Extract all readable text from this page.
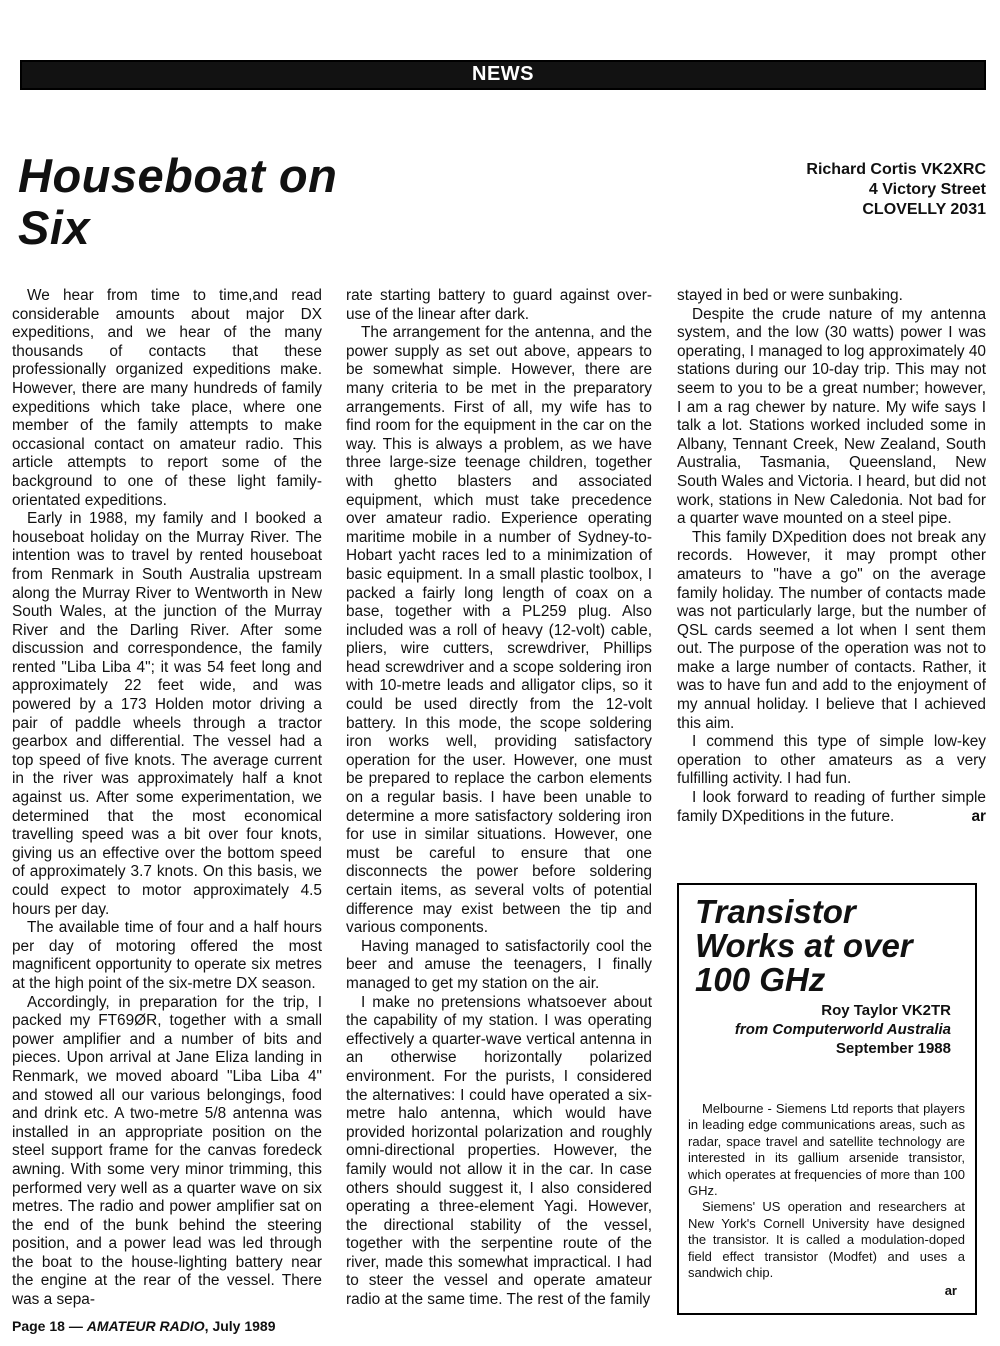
NEWS
Houseboat on
Six
Richard Cortis VK2XRC
4 Victory Street
CLOVELLY 2031

We hear from time to time,and read considerable amounts about major DX expeditions, and we hear of the many thousands of contacts that these professionally organized expeditions make. However, there are many hundreds of family expeditions which take place, where one member of the family attempts to make occasional contact on amateur radio. This article attempts to report some of the background to one of these light family-orientated expeditions.

Early in 1988, my family and I booked a houseboat holiday on the Murray River. The intention was to travel by rented houseboat from Renmark in South Australia upstream along the Murray River to Wentworth in New South Wales, at the junction of the Murray River and the Darling River. After some discussion and correspondence, the family rented "Liba Liba 4"; it was 54 feet long and approximately 22 feet wide, and was powered by a 173 Holden motor driving a pair of paddle wheels through a tractor gearbox and differential. The vessel had a top speed of five knots. The average current in the river was approximately half a knot against us. After some experimentation, we determined that the most economical travelling speed was a bit over four knots, giving us an effective over the bottom speed of approximately 3.7 knots. On this basis, we could expect to motor approximately 4.5 hours per day.

The available time of four and a half hours per day of motoring offered the most magnificent opportunity to operate six metres at the high point of the six-metre DX season.

Accordingly, in preparation for the trip, I packed my FT69ØR, together with a small power amplifier and a number of bits and pieces. Upon arrival at Jane Eliza landing in Renmark, we moved aboard "Liba Liba 4" and stowed all our various belongings, food and drink etc. A two-metre 5/8 antenna was installed in an appropriate position on the steel support frame for the canvas foredeck awning. With some very minor trimming, this performed very well as a quarter wave on six metres. The radio and power amplifier sat on the end of the bunk behind the steering position, and a power lead was led through the boat to the house-lighting battery near the engine at the rear of the vessel. There was a sepa-

rate starting battery to guard against over-use of the linear after dark.

The arrangement for the antenna, and the power supply as set out above, appears to be somewhat simple. However, there are many criteria to be met in the preparatory arrangements. First of all, my wife has to find room for the equipment in the car on the way. This is always a problem, as we have three large-size teenage children, together with ghetto blasters and associated equipment, which must take precedence over amateur radio. Experience operating maritime mobile in a number of Sydney-to-Hobart yacht races led to a minimization of basic equipment. In a small plastic toolbox, I packed a fairly long length of coax on a base, together with a PL259 plug. Also included was a roll of heavy (12-volt) cable, pliers, wire cutters, screwdriver, Phillips head screwdriver and a scope soldering iron with 10-metre leads and alligator clips, so it could be used directly from the 12-volt battery. In this mode, the scope soldering iron works well, providing satisfactory operation for the user. However, one must be prepared to replace the carbon elements on a regular basis. I have been unable to determine a more satisfactory soldering iron for use in similar situations. However, one must be careful to ensure that one disconnects the power before soldering certain items, as several volts of potential difference may exist between the tip and various components.

Having managed to satisfactorily cool the beer and amuse the teenagers, I finally managed to get my station on the air.

I make no pretensions whatsoever about the capability of my station. I was operating effectively a quarter-wave vertical antenna in an otherwise horizontally polarized environment. For the purists, I considered the alternatives: I could have operated a six-metre halo antenna, which would have provided horizontal polarization and roughly omni-directional properties. However, the family would not allow it in the car. In case others should suggest it, I also considered operating a three-element Yagi. However, the directional stability of the vessel, together with the serpentine route of the river, made this somewhat impractical. I had to steer the vessel and operate amateur radio at the same time. The rest of the family

stayed in bed or were sunbaking.

Despite the crude nature of my antenna system, and the low (30 watts) power I was operating, I managed to log approximately 40 stations during our 10-day trip. This may not seem to you to be a great number; however, I am a rag chewer by nature. My wife says I talk a lot. Stations worked included some in Albany, Tennant Creek, New Zealand, South Australia, Tasmania, Queensland, New South Wales and Victoria. I heard, but did not work, stations in New Caledonia. Not bad for a quarter wave mounted on a steel pipe.

This family DXpedition does not break any records. However, it may prompt other amateurs to "have a go" on the average family holiday. The number of contacts made was not particularly large, but the number of QSL cards seemed a lot when I sent them out. The purpose of the operation was not to make a large number of contacts. Rather, it was to have fun and add to the enjoyment of my annual holiday. I believe that I achieved this aim.

I commend this type of simple low-key operation to other amateurs as a very fulfilling activity. I had fun.

I look forward to reading of further simple family DXpeditions in the future.	ar

Transistor
Works at over
100 GHz
Roy Taylor VK2TR
from Computerworld Australia
September 1988

Melbourne - Siemens Ltd reports that players in leading edge communications areas, such as radar, space travel and satellite technology are interested in its gallium arsenide transistor, which operates at frequencies of more than 100 GHz.

Siemens' US operation and researchers at New York's Cornell University have designed the transistor. It is called a modulation-doped field effect transistor (Modfet) and uses a sandwich chip.

ar
Page 18 — AMATEUR RADIO, July 1989
